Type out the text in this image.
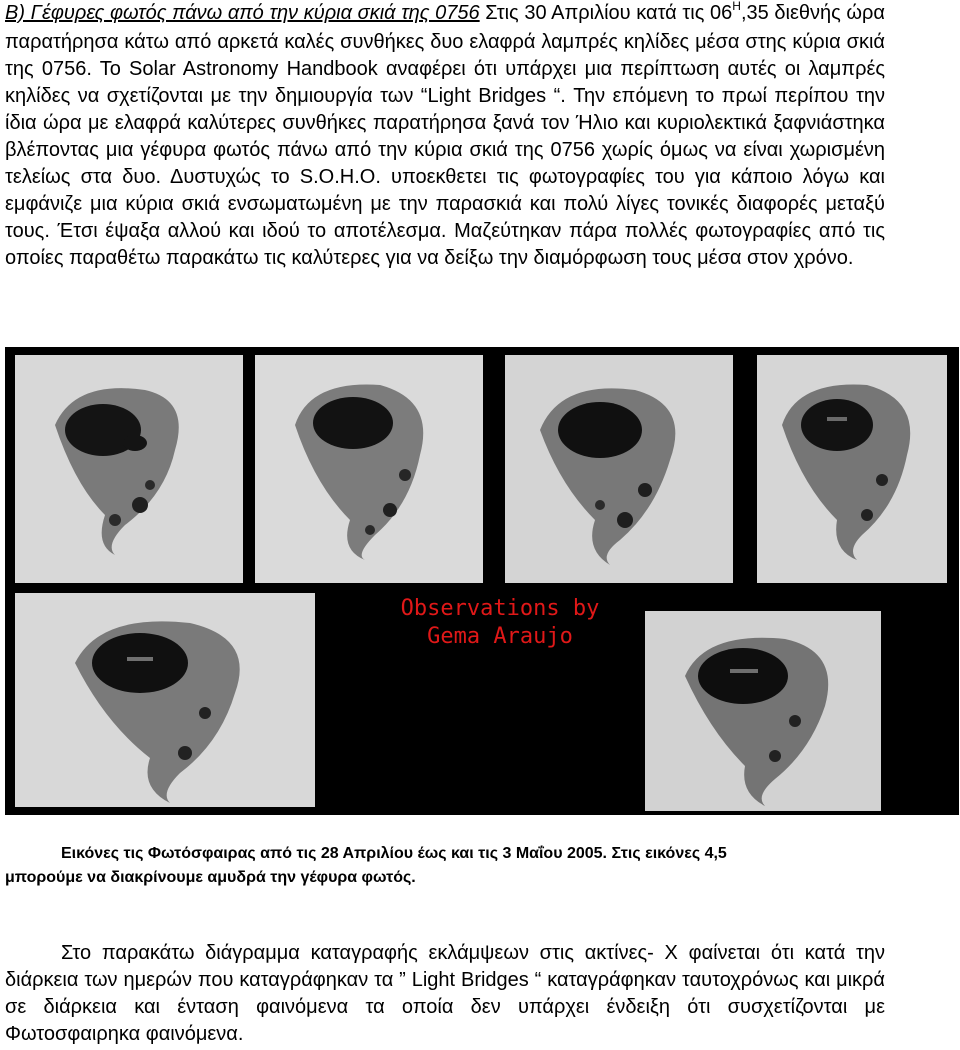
B) Γέφυρες φωτός πάνω από την κύρια σκιά της 0756 Στις 30 Απριλίου κατά τις $06^H,35$ διεθνής ώρα παρατήρησα κάτω από αρκετά καλές συνθήκες δυο ελαφρά λαμπρές κηλίδες μέσα στης κύρια σκιά της 0756. Το Solar Astronomy Handbook αναφέρει ότι υπάρχει μια περίπτωση αυτές οι λαμπρές κηλίδες να σχετίζονται με την δημιουργία των “Light Bridges “. Την επόμενη το πρωί περίπου την ίδια ώρα με ελαφρά καλύτερες συνθήκες παρατήρησα ξανά τον Ήλιο και κυριολεκτικά ξαφνιάστηκα βλέποντας μια γέφυρα φωτός πάνω από την κύρια σκιά της 0756 χωρίς όμως να είναι χωρισμένη τελείως στα δυο. Δυστυχώς το S.O.H.O. υποεκθετει τις φωτογραφίες του για κάποιο λόγω και εμφάνιζε μια κύρια σκιά ενσωματωμένη με την παρασκιά και πολύ λίγες τονικές διαφορές μεταξύ τους. Έτσι έψαξα αλλού και ιδού το αποτέλεσμα. Μαζεύτηκαν πάρα πολλές φωτογραφίες από τις οποίες παραθέτω παρακάτω τις καλύτερες για να δείξω την διαμόρφωση τους μέσα στον χρόνο.
Observations by
Gema Araujo
Εικόνες τις Φωτόσφαιρας από τις 28 Απριλίου έως και τις 3 Μαΐου 2005. Στις εικόνες 4,5
μπορούμε να διακρίνουμε αμυδρά την γέφυρα φωτός.
Στο παρακάτω διάγραμμα καταγραφής εκλάμψεων στις ακτίνες- Χ φαίνεται ότι κατά την διάρκεια των ημερών που καταγράφηκαν τα ” Light Bridges “ καταγράφηκαν ταυτοχρόνως και μικρά σε διάρκεια και ένταση φαινόμενα τα οποία δεν υπάρχει ένδειξη ότι συσχετίζονται με Φωτοσφαιρηκα φαινόμενα.
